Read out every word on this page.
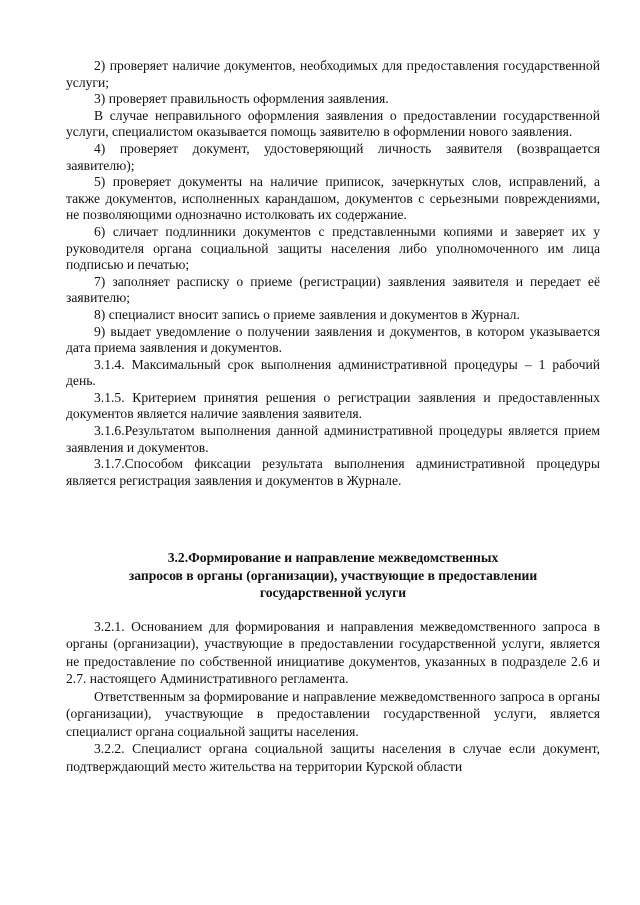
2) проверяет наличие документов, необходимых для предоставления государственной услуги;

3) проверяет правильность оформления заявления.

В случае неправильного оформления заявления о предоставлении государственной услуги, специалистом оказывается помощь заявителю в оформлении нового заявления.

4) проверяет документ, удостоверяющий личность заявителя (возвращается заявителю);

5) проверяет документы на наличие приписок, зачеркнутых слов, исправлений, а также документов, исполненных карандашом, документов с серьезными повреждениями, не позволяющими однозначно истолковать их содержание.

6) сличает подлинники документов с представленными копиями и заверяет их у руководителя органа социальной защиты населения либо уполномоченного им лица подписью и печатью;

7) заполняет расписку о приеме (регистрации) заявления заявителя и передает её заявителю;

8) специалист вносит запись о приеме заявления и документов в Журнал.

9) выдает уведомление о получении заявления и документов, в котором указывается дата приема заявления и документов.

3.1.4. Максимальный срок выполнения административной процедуры – 1 рабочий день.

3.1.5. Критерием принятия решения о регистрации заявления и предоставленных документов является наличие заявления заявителя.

3.1.6.Результатом выполнения данной административной процедуры является прием заявления и документов.

3.1.7.Способом фиксации результата выполнения административной процедуры является регистрация заявления и документов в Журнале.

3.2.Формирование и направление межведомственных
запросов в органы (организации), участвующие в предоставлении
государственной услуги

3.2.1. Основанием для формирования и направления межведомственного запроса в органы (организации), участвующие в предоставлении государственной услуги, является не предоставление по собственной инициативе документов, указанных в подразделе 2.6 и 2.7. настоящего Административного регламента.

Ответственным за формирование и направление межведомственного запроса в органы (организации), участвующие в предоставлении государственной услуги, является специалист органа социальной защиты населения.

3.2.2. Специалист органа социальной защиты населения в случае если документ, подтверждающий место жительства на территории Курской области
